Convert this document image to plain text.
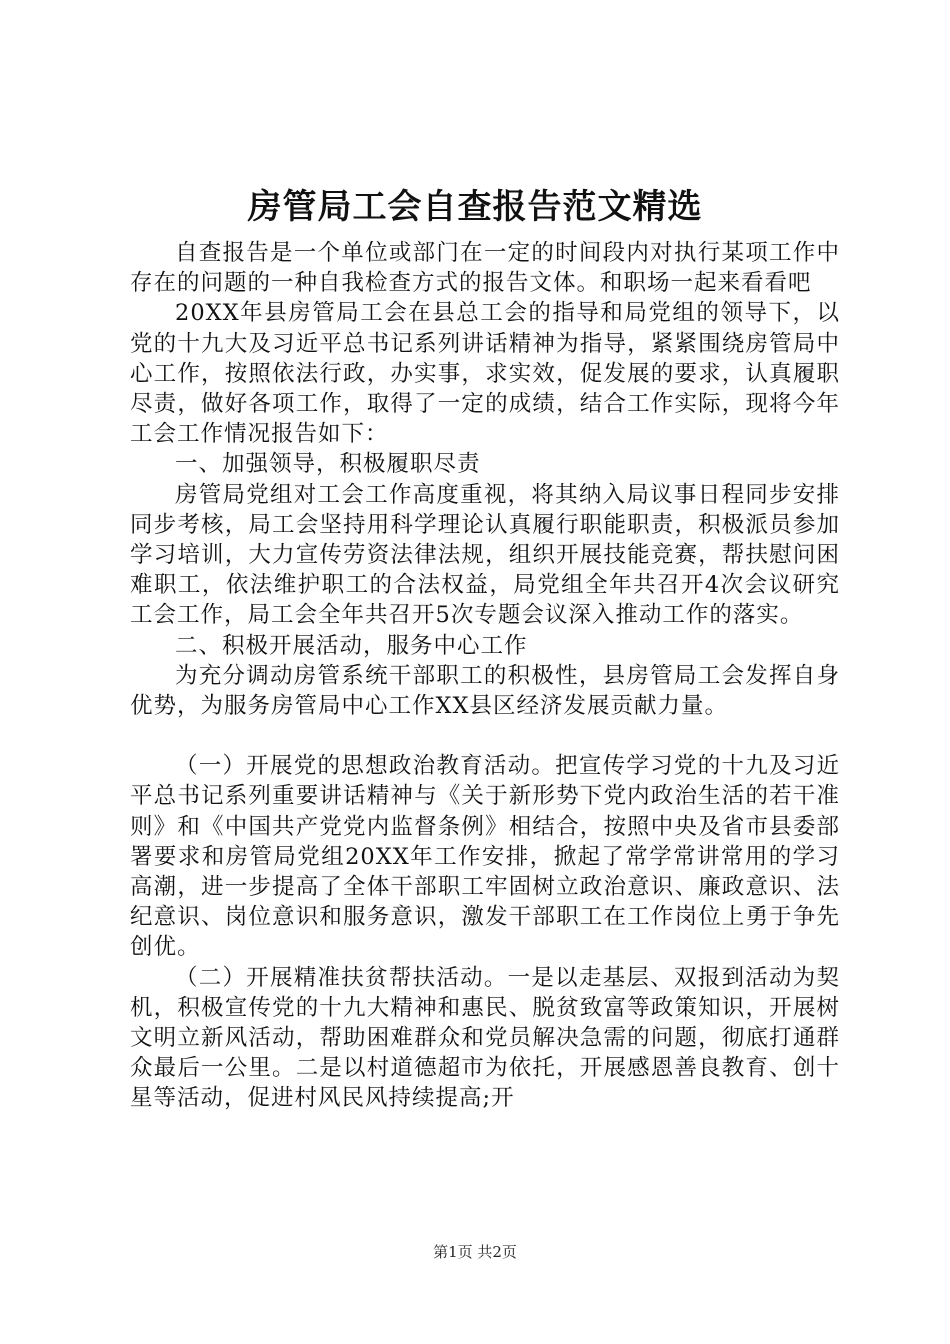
房管局工会自查报告范文精选

自查报告是一个单位或部门在一定的时间段内对执行某项工作中存在的问题的一种自我检查方式的报告文体。和职场一起来看看吧

20XX年县房管局工会在县总工会的指导和局党组的领导下，以党的十九大及习近平总书记系列讲话精神为指导，紧紧围绕房管局中心工作，按照依法行政，办实事，求实效，促发展的要求，认真履职尽责，做好各项工作，取得了一定的成绩，结合工作实际，现将今年工会工作情况报告如下：

一、加强领导，积极履职尽责

房管局党组对工会工作高度重视，将其纳入局议事日程同步安排同步考核，局工会坚持用科学理论认真履行职能职责，积极派员参加学习培训，大力宣传劳资法律法规，组织开展技能竞赛，帮扶慰问困难职工，依法维护职工的合法权益，局党组全年共召开4次会议研究工会工作，局工会全年共召开5次专题会议深入推动工作的落实。

二、积极开展活动，服务中心工作

为充分调动房管系统干部职工的积极性，县房管局工会发挥自身优势，为服务房管局中心工作XX县区经济发展贡献力量。

（一）开展党的思想政治教育活动。把宣传学习党的十九及习近平总书记系列重要讲话精神与《关于新形势下党内政治生活的若干准则》和《中国共产党党内监督条例》相结合，按照中央及省市县委部署要求和房管局党组20XX年工作安排，掀起了常学常讲常用的学习高潮，进一步提高了全体干部职工牢固树立政治意识、廉政意识、法纪意识、岗位意识和服务意识，激发干部职工在工作岗位上勇于争先创优。

（二）开展精准扶贫帮扶活动。一是以走基层、双报到活动为契机，积极宣传党的十九大精神和惠民、脱贫致富等政策知识，开展树文明立新风活动，帮助困难群众和党员解决急需的问题，彻底打通群众最后一公里。二是以村道德超市为依托，开展感恩善良教育、创十星等活动，促进村风民风持续提高;开

第1页 共2页
